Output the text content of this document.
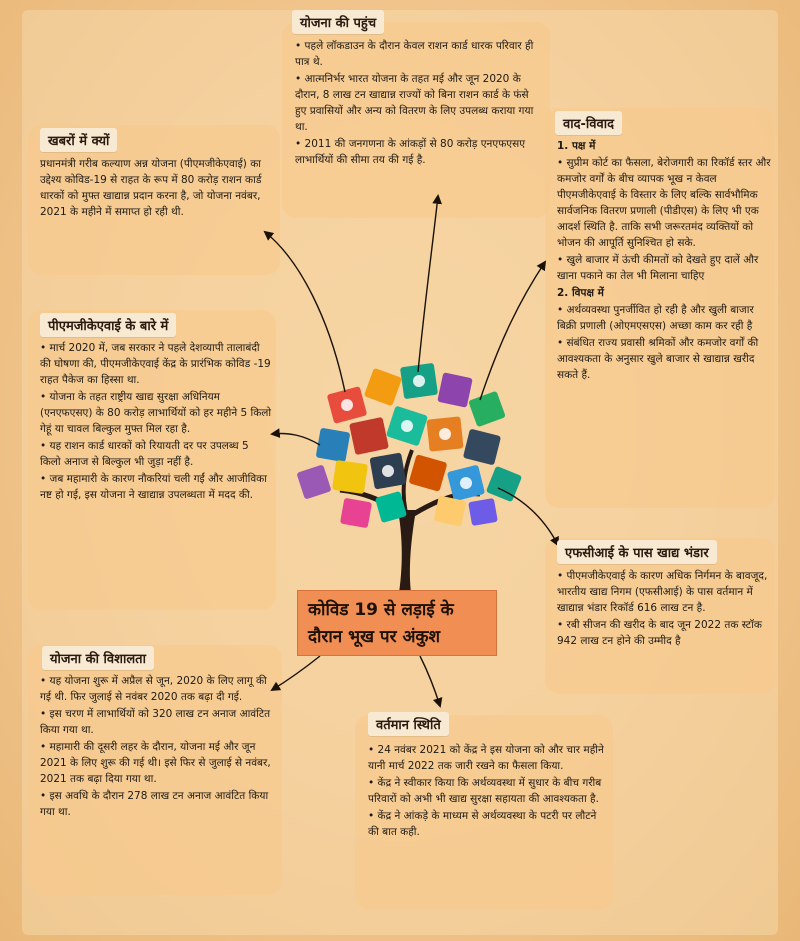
कोविड 19 से लड़ाई के
दौरान भूख पर अंकुश
योजना की पहुंच

• पहले लॉकडाउन के दौरान केवल राशन कार्ड धारक परिवार ही पात्र थे.

• आत्मनिर्भर भारत योजना के तहत मई और जून 2020 के दौरान, 8 लाख टन खाद्यान्न राज्यों को बिना राशन कार्ड के फंसे हुए प्रवासियों और अन्य को वितरण के लिए उपलब्ध कराया गया था.

• 2011 की जनगणना के आंकड़ों से 80 करोड़ एनएफएसए लाभार्थियों की सीमा तय की गई है.

खबरों में क्यों

प्रधानमंत्री गरीब कल्याण अन्न योजना (पीएमजीकेएवाई) का उद्देश्य कोविड-19 से राहत के रूप में 80 करोड़ राशन कार्ड धारकों को मुफ्त खाद्यान्न प्रदान करना है, जो योजना नवंबर, 2021 के महीने में समाप्त हो रही थी.

पीएमजीकेएवाई के बारे में

• मार्च 2020 में, जब सरकार ने पहले देशव्यापी तालाबंदी की घोषणा की, पीएमजीकेएवाई केंद्र के प्रारंभिक कोविड -19 राहत पैकेज का हिस्सा था.

• योजना के तहत राष्ट्रीय खाद्य सुरक्षा अधिनियम (एनएफएसए) के 80 करोड़ लाभार्थियों को हर महीने 5 किलो गेहूं या चावल बिल्कुल मुफ्त मिल रहा है.

• यह राशन कार्ड धारकों को रियायती दर पर उपलब्ध 5 किलो अनाज से बिल्कुल भी जुड़ा नहीं है.

• जब महामारी के कारण नौकरियां चली गईं और आजीविका नष्ट हो गई, इस योजना ने खाद्यान्न उपलब्धता में मदद की.

योजना की विशालता

• यह योजना शुरू में अप्रैल से जून, 2020 के लिए लागू की गई थी. फिर जुलाई से नवंबर 2020 तक बढ़ा दी गई.

• इस चरण में लाभार्थियों को 320 लाख टन अनाज आवंटित किया गया था.

• महामारी की दूसरी लहर के दौरान, योजना मई और जून 2021 के लिए शुरू की गई थी। इसे फिर से जुलाई से नवंबर, 2021 तक बढ़ा दिया गया था.

• इस अवधि के दौरान 278 लाख टन अनाज आवंटित किया गया था.

वाद-विवाद

1. पक्ष में

• सुप्रीम कोर्ट का फैसला, बेरोजगारी का रिकॉर्ड स्तर और कमजोर वर्गों के बीच व्यापक भूख न केवल पीएमजीकेएवाई के विस्तार के लिए बल्कि सार्वभौमिक सार्वजनिक वितरण प्रणाली (पीडीएस) के लिए भी एक आदर्श स्थिति है. ताकि सभी जरूरतमंद व्यक्तियों को भोजन की आपूर्ति सुनिश्चित हो सके.

• खुले बाजार में ऊंची कीमतों को देखते हुए दालें और खाना पकाने का तेल भी मिलाना चाहिए

2. विपक्ष में

• अर्थव्यवस्था पुनर्जीवित हो रही है और खुली बाजार बिक्री प्रणाली (ओएमएसएस) अच्छा काम कर रही है

• संबंधित राज्य प्रवासी श्रमिकों और कमजोर वर्गों की आवश्यकता के अनुसार खुले बाजार से खाद्यान्न खरीद सकते हैं.

एफसीआई के पास खाद्य भंडार

• पीएमजीकेएवाई के कारण अधिक निर्गमन के बावजूद, भारतीय खाद्य निगम (एफसीआई) के पास वर्तमान में खाद्यान्न भंडार रिकॉर्ड 616 लाख टन है.

• रबी सीजन की खरीद के बाद जून 2022 तक स्टॉक 942 लाख टन होने की उम्मीद है

वर्तमान स्थिति

• 24 नवंबर 2021 को केंद्र ने इस योजना को और चार महीने यानी मार्च 2022 तक जारी रखने का फैसला किया.

• केंद्र ने स्वीकार किया कि अर्थव्यवस्था में सुधार के बीच गरीब परिवारों को अभी भी खाद्य सुरक्षा सहायता की आवश्यकता है.

• केंद्र ने आंकड़े के माध्यम से अर्थव्यवस्था के पटरी पर लौटने की बात कही.
